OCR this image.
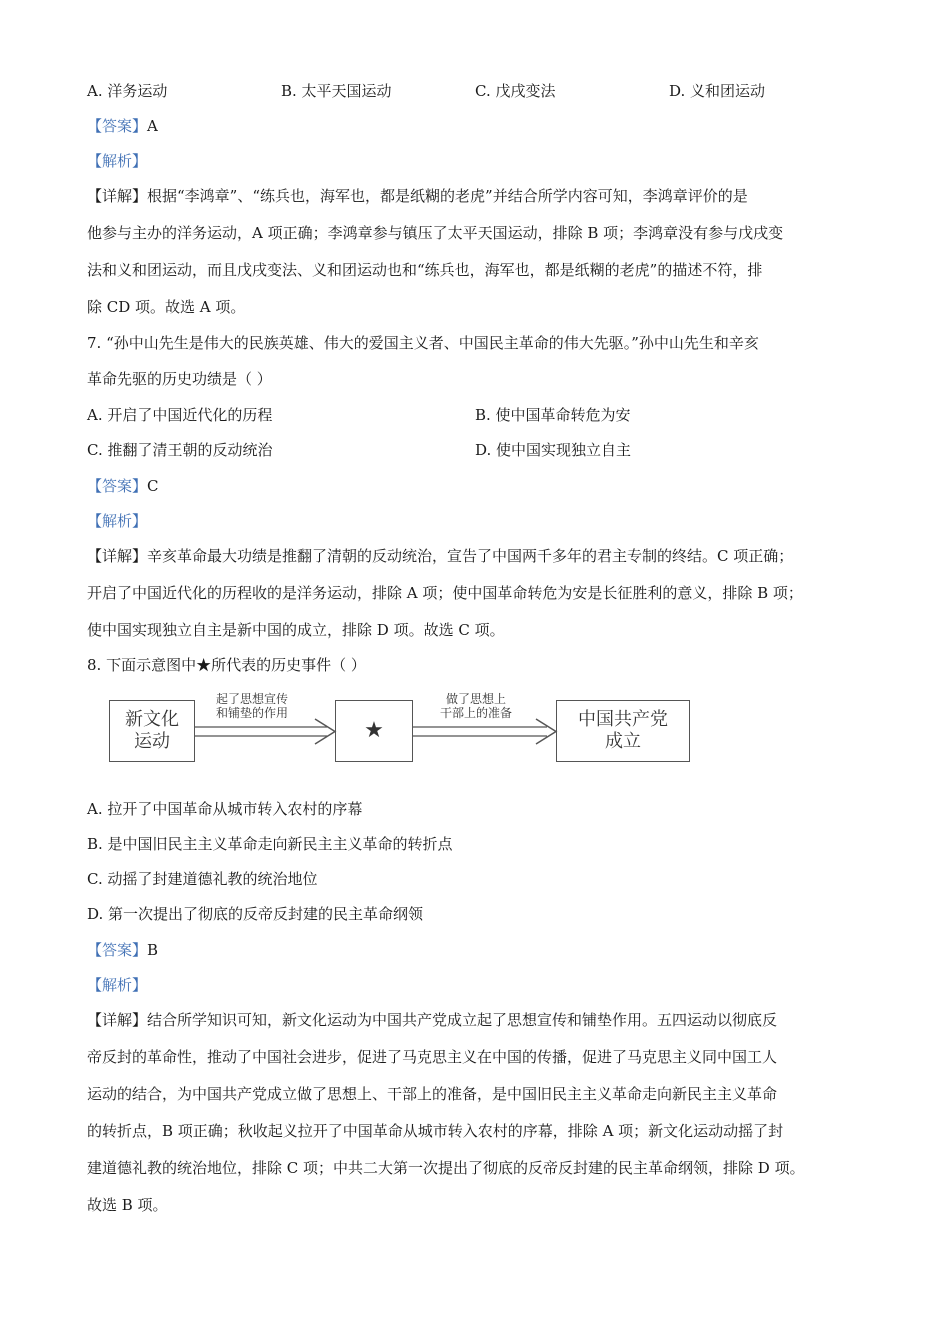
A. 洋务运动	B. 太平天国运动	C. 戊戌变法	D. 义和团运动
【答案】A
【解析】
【详解】根据“李鸿章”、“练兵也，海军也，都是纸糊的老虎”并结合所学内容可知，李鸿章评价的是
他参与主办的洋务运动，A 项正确；李鸿章参与镇压了太平天国运动，排除 B 项；李鸿章没有参与戊戌变
法和义和团运动，而且戊戌变法、义和团运动也和“练兵也，海军也，都是纸糊的老虎”的描述不符，排
除 CD 项。故选 A 项。
7. “孙中山先生是伟大的民族英雄、伟大的爱国主义者、中国民主革命的伟大先驱。”孙中山先生和辛亥
革命先驱的历史功绩是（ ）
A. 开启了中国近代化的历程	B. 使中国革命转危为安
C. 推翻了清王朝的反动统治	D. 使中国实现独立自主
【答案】C
【解析】
【详解】辛亥革命最大功绩是推翻了清朝的反动统治，宣告了中国两千多年的君主专制的终结。C 项正确；
开启了中国近代化的历程收的是洋务运动，排除 A 项；使中国革命转危为安是长征胜利的意义，排除 B 项；
使中国实现独立自主是新中国的成立，排除 D 项。故选 C 项。
8. 下面示意图中★所代表的历史事件（ ）
新文化
运动
起了思想宣传
和铺垫的作用
★
做了思想上
干部上的准备	中国共产党
成立
A. 拉开了中国革命从城市转入农村的序幕
B. 是中国旧民主主义革命走向新民主主义革命的转折点
C. 动摇了封建道德礼教的统治地位
D. 第一次提出了彻底的反帝反封建的民主革命纲领
【答案】B
【解析】
【详解】结合所学知识可知，新文化运动为中国共产党成立起了思想宣传和铺垫作用。五四运动以彻底反
帝反封的革命性，推动了中国社会进步，促进了马克思主义在中国的传播，促进了马克思主义同中国工人
运动的结合，为中国共产党成立做了思想上、干部上的准备，是中国旧民主主义革命走向新民主主义革命
的转折点，B 项正确；秋收起义拉开了中国革命从城市转入农村的序幕，排除 A 项；新文化运动动摇了封
建道德礼教的统治地位，排除 C 项；中共二大第一次提出了彻底的反帝反封建的民主革命纲领，排除 D 项。
故选 B 项。
